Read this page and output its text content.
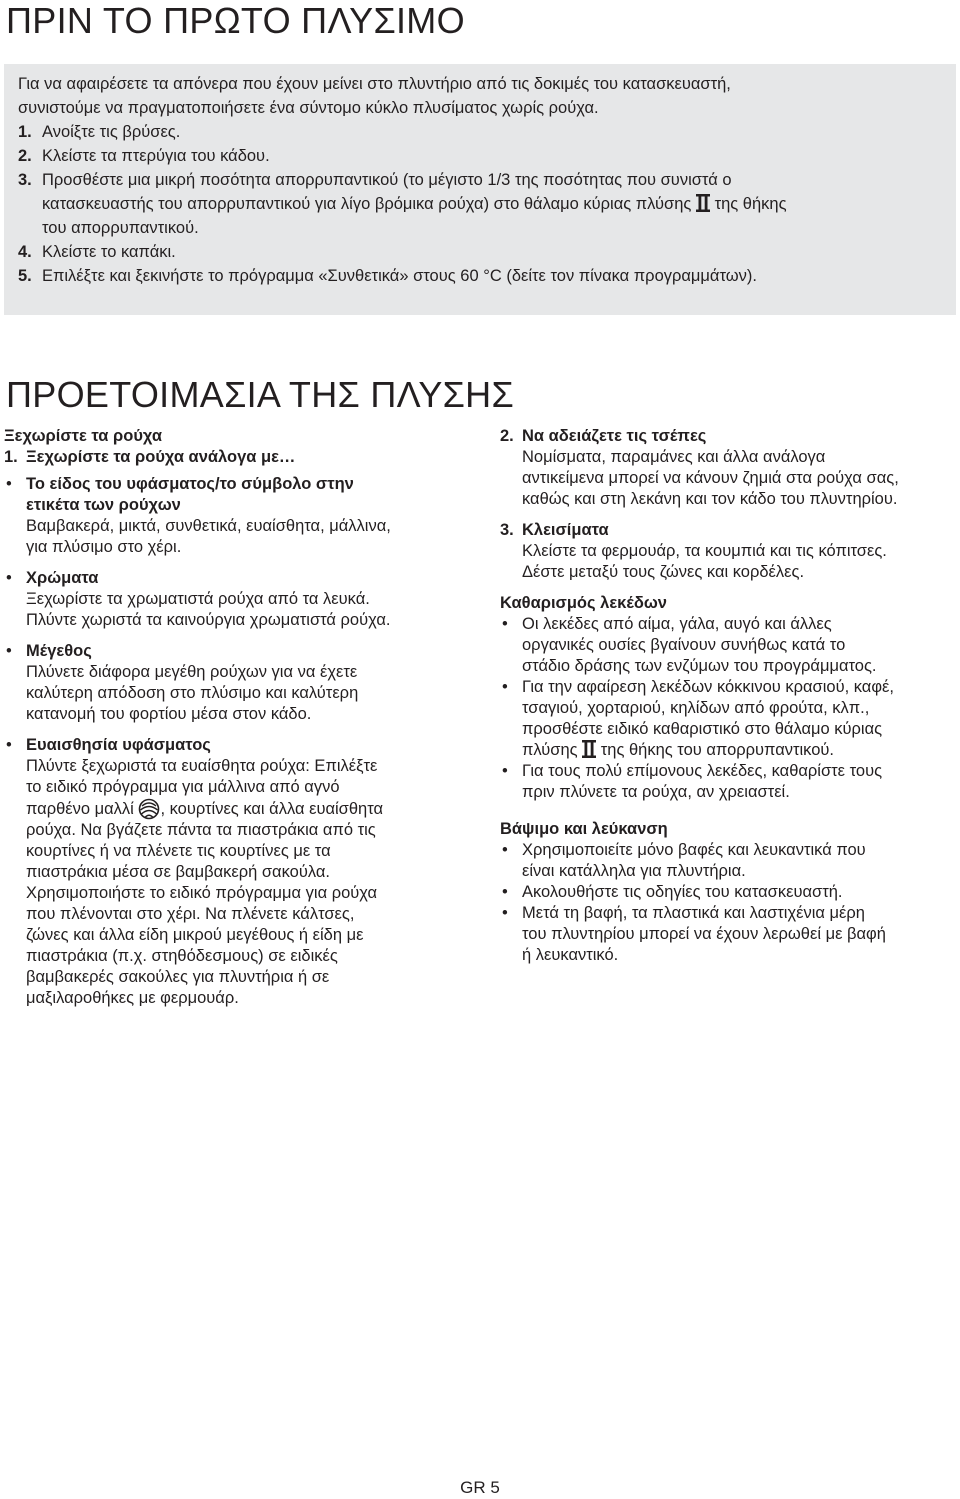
ΠΡΙΝ ΤΟ ΠΡΩΤΟ ΠΛΥΣΙΜΟ

Για να αφαιρέσετε τα απόνερα που έχουν μείνει στο πλυντήριο από τις δοκιμές του κατασκευαστή,

συνιστούμε να πραγματοποιήσετε ένα σύντομο κύκλο πλυσίματος χωρίς ρούχα.

1. Ανοίξτε τις βρύσες.

2. Κλείστε τα πτερύγια του κάδου.

3. Προσθέστε μια μικρή ποσότητα απορρυπαντικού (το μέγιστο 1/3 της ποσότητας που συνιστά ο

κατασκευαστής του απορρυπαντικού για λίγο βρόμικα ρούχα) στο θάλαμο κύριας πλύσης της θήκης

του απορρυπαντικού.

4. Κλείστε το καπάκι.

5. Επιλέξτε και ξεκινήστε το πρόγραμμα «Συνθετικά» στους 60 °C (δείτε τον πίνακα προγραμμάτων).

ΠΡΟΕΤΟΙΜΑΣΙΑ ΤΗΣ ΠΛΥΣΗΣ

Ξεχωρίστε τα ρούχα

1. Ξεχωρίστε τα ρούχα ανάλογα με…
• Το είδος του υφάσματος/το σύμβολο στην
ετικέτα των ρούχων
Βαμβακερά, μικτά, συνθετικά, ευαίσθητα, μάλλινα,
για πλύσιμο στο χέρι.
• Χρώματα
Ξεχωρίστε τα χρωματιστά ρούχα από τα λευκά.
Πλύντε χωριστά τα καινούργια χρωματιστά ρούχα.
• Μέγεθος
Πλύνετε διάφορα μεγέθη ρούχων για να έχετε
καλύτερη απόδοση στο πλύσιμο και καλύτερη
κατανομή του φορτίου μέσα στον κάδο.
• Ευαισθησία υφάσματος
Πλύντε ξεχωριστά τα ευαίσθητα ρούχα: Επιλέξτε
το ειδικό πρόγραμμα για μάλλινα από αγνό
παρθένο μαλλί , κουρτίνες και άλλα ευαίσθητα
ρούχα. Να βγάζετε πάντα τα πιαστράκια από τις
κουρτίνες ή να πλένετε τις κουρτίνες με τα
πιαστράκια μέσα σε βαμβακερή σακούλα.
Χρησιμοποιήστε το ειδικό πρόγραμμα για ρούχα
που πλένονται στο χέρι. Να πλένετε κάλτσες,
ζώνες και άλλα είδη μικρού μεγέθους ή είδη με
πιαστράκια (π.χ. στηθόδεσμους) σε ειδικές
βαμβακερές σακούλες για πλυντήρια ή σε
μαξιλαροθήκες με φερμουάρ.
2. Να αδειάζετε τις τσέπες
Νομίσματα, παραμάνες και άλλα ανάλογα
αντικείμενα μπορεί να κάνουν ζημιά στα ρούχα σας,
καθώς και στη λεκάνη και τον κάδο του πλυντηρίου.
3. Κλεισίματα
Κλείστε τα φερμουάρ, τα κουμπιά και τις κόπιτσες.
Δέστε μεταξύ τους ζώνες και κορδέλες.

Καθαρισμός λεκέδων

• Οι λεκέδες από αίμα, γάλα, αυγό και άλλες
οργανικές ουσίες βγαίνουν συνήθως κατά το
στάδιο δράσης των ενζύμων του προγράμματος.
• Για την αφαίρεση λεκέδων κόκκινου κρασιού, καφέ,
τσαγιού, χορταριού, κηλίδων από φρούτα, κλπ.,
προσθέστε ειδικό καθαριστικό στο θάλαμο κύριας
πλύσης της θήκης του απορρυπαντικού.
• Για τους πολύ επίμονους λεκέδες, καθαρίστε τους
πριν πλύνετε τα ρούχα, αν χρειαστεί.

Βάψιμο και λεύκανση

• Χρησιμοποιείτε μόνο βαφές και λευκαντικά που
είναι κατάλληλα για πλυντήρια.
• Ακολουθήστε τις οδηγίες του κατασκευαστή.
• Μετά τη βαφή, τα πλαστικά και λαστιχένια μέρη
του πλυντηρίου μπορεί να έχουν λερωθεί με βαφή
ή λευκαντικό.
GR 5
